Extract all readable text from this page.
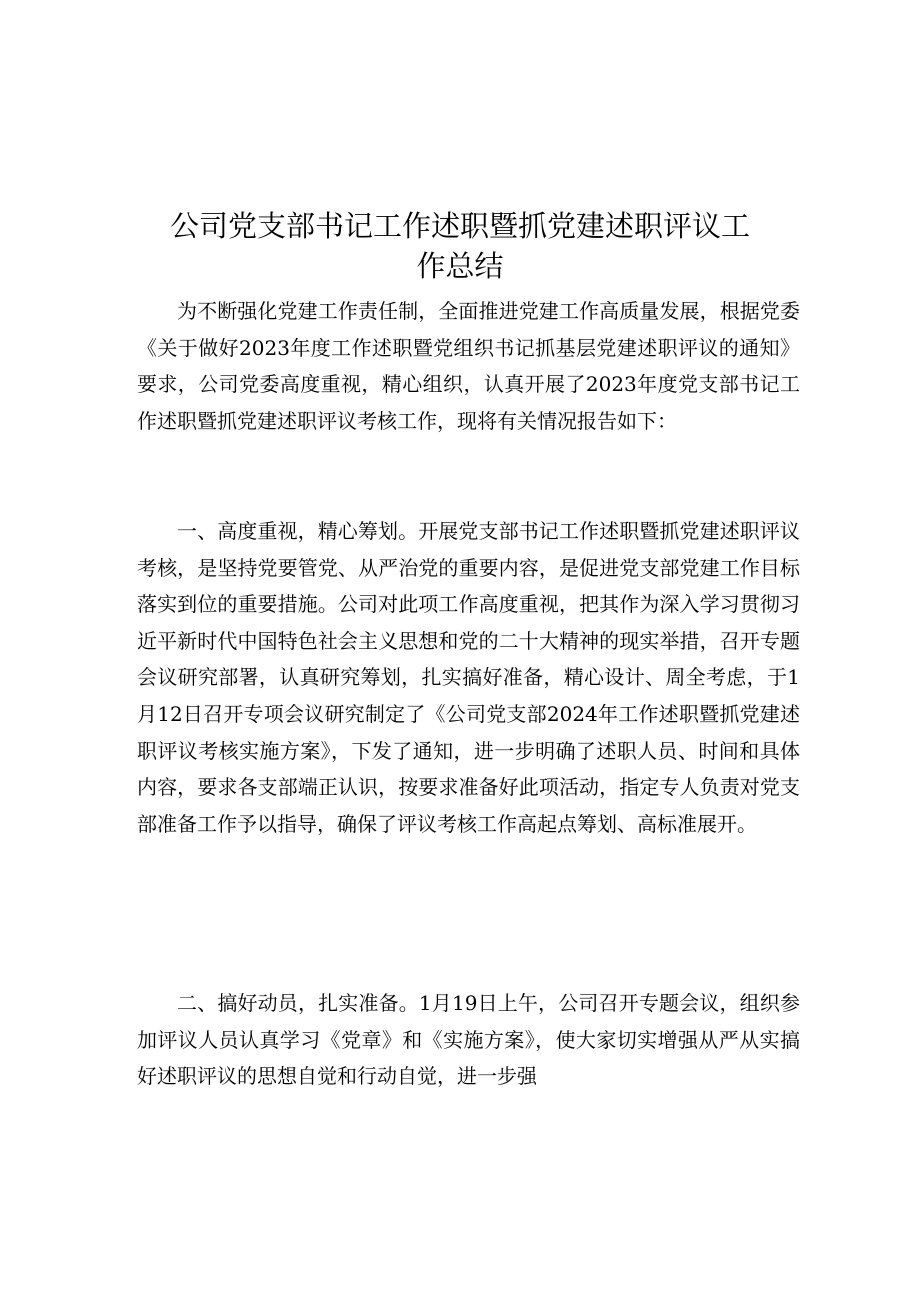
公司党支部书记工作述职暨抓党建述职评议工
作总结

为不断强化党建工作责任制，全面推进党建工作高质量发展，根据党委《关于做好2023年度工作述职暨党组织书记抓基层党建述职评议的通知》要求，公司党委高度重视，精心组织，认真开展了2023年度党支部书记工作述职暨抓党建述职评议考核工作，现将有关情况报告如下：

一、高度重视，精心筹划。开展党支部书记工作述职暨抓党建述职评议考核，是坚持党要管党、从严治党的重要内容，是促进党支部党建工作目标落实到位的重要措施。公司对此项工作高度重视，把其作为深入学习贯彻习近平新时代中国特色社会主义思想和党的二十大精神的现实举措，召开专题会议研究部署，认真研究筹划，扎实搞好准备，精心设计、周全考虑，于1月12日召开专项会议研究制定了《公司党支部2024年工作述职暨抓党建述职评议考核实施方案》，下发了通知，进一步明确了述职人员、时间和具体内容，要求各支部端正认识，按要求准备好此项活动，指定专人负责对党支部准备工作予以指导，确保了评议考核工作高起点筹划、高标准展开。

二、搞好动员，扎实准备。1月19日上午，公司召开专题会议，组织参加评议人员认真学习《党章》和《实施方案》，使大家切实增强从严从实搞好述职评议的思想自觉和行动自觉，进一步强
